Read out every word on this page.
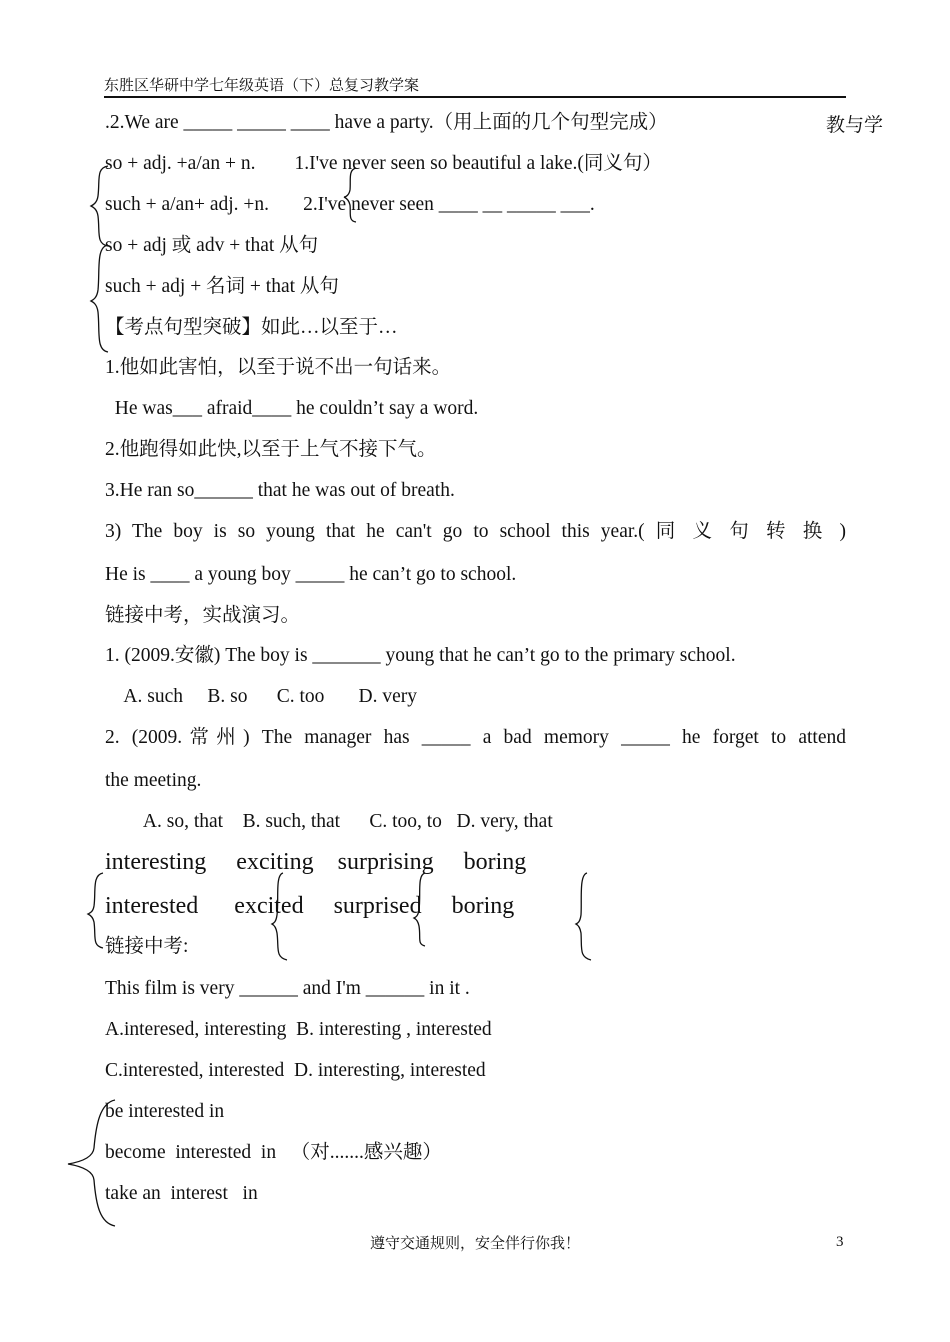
东胜区华研中学七年级英语（下）总复习教学案
教与学
.2.We are _____ _____ ____ have a party.（用上面的几个句型完成）
so + adj. +a/an + n.        1.I've never seen so beautiful a lake.(同义句）
such + a/an+ adj. +n.       2.I've never seen ____ __ _____ ___.
so + adj 或 adv + that 从句
such + adj + 名词 + that 从句
【考点句型突破】如此…以至于…
1.他如此害怕，以至于说不出一句话来。
He was___ afraid____ he couldn’t say a word.
2.他跑得如此快,以至于上气不接下气。
3.He ran so______ that he was out of breath.
3) The boy is so young that he can't go to school this year.( 同 义 句 转 换 )
He is ____ a young boy _____ he can’t go to school.
链接中考，实战演习。
1. (2009.安徽) The boy is _______ young that he can’t go to the primary school.
A. such     B. so      C. too       D. very
2. (2009.常州) The manager has _____ a bad memory _____ he forget to attend
the meeting.
A. so, that    B. such, that      C. too, to   D. very, that
interesting     exciting    surprising     boring
interested      excited     surprised     boring
链接中考:
This film is very ______ and I'm ______ in it .
A.interesed, interesting  B. interesting , interested
C.interested, interested  D. interesting, interested
be interested in
become  interested  in   （对.......感兴趣）
take an  interest   in
遵守交通规则，安全伴行你我！	3
